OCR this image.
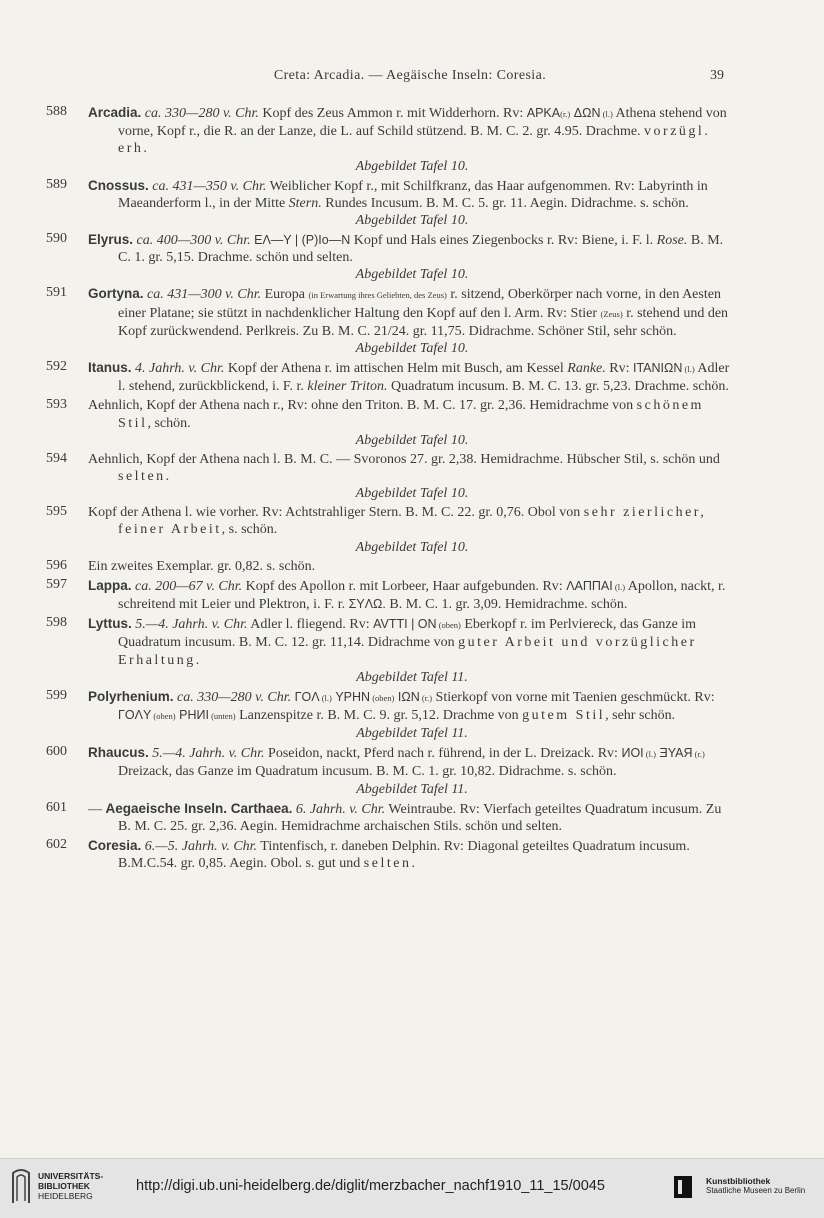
Creta: Arcadia. — Aegäische Inseln: Coresia.	39
588	Arcadia. ca. 330—280 v. Chr. Kopf des Zeus Ammon r. mit Widderhorn. Rv: APKA(r.) ΔΩN (l.) Athena stehend von vorne, Kopf r., die R. an der Lanze, die L. auf Schild stützend. B. M. C. 2. gr. 4.95. Drachme. vorzügl. erh.
Abgebildet Tafel 10.
589	Cnossus. ca. 431—350 v. Chr. Weiblicher Kopf r., mit Schilfkranz, das Haar aufgenommen. Rv: Labyrinth in Maeanderform l., in der Mitte Stern. Rundes Incusum. B. M. C. 5. gr. 11. Aegin. Didrachme. s. schön.
Abgebildet Tafel 10.
590	Elyrus. ca. 400—300 v. Chr. EΛ—Y | (P)Iᴏ—N Kopf und Hals eines Ziegenbocks r. Rv: Biene, i. F. l. Rose. B. M. C. 1. gr. 5,15. Drachme. schön und selten.
Abgebildet Tafel 10.
591	Gortyna. ca. 431—300 v. Chr. Europa (in Erwartung ihres Geliebten, des Zeus) r. sitzend, Oberkörper nach vorne, in den Aesten einer Platane; sie stützt in nachdenklicher Haltung den Kopf auf den l. Arm. Rv: Stier (Zeus) r. stehend und den Kopf zurückwendend. Perlkreis. Zu B. M. C. 21/24. gr. 11,75. Didrachme. Schöner Stil, sehr schön.
Abgebildet Tafel 10.
592	Itanus. 4. Jahrh. v. Chr. Kopf der Athena r. im attischen Helm mit Busch, am Kessel Ranke. Rv: ITANIΩN (l.) Adler l. stehend, zurückblickend, i. F. r. kleiner Triton. Quadratum incusum. B. M. C. 13. gr. 5,23. Drachme. schön.
593	Aehnlich, Kopf der Athena nach r., Rv: ohne den Triton. B. M. C. 17. gr. 2,36. Hemidrachme von schönem Stil, schön.
Abgebildet Tafel 10.
594	Aehnlich, Kopf der Athena nach l. B. M. C. — Svoronos 27. gr. 2,38. Hemidrachme. Hübscher Stil, s. schön und selten.
Abgebildet Tafel 10.
595	Kopf der Athena l. wie vorher. Rv: Achtstrahliger Stern. B. M. C. 22. gr. 0,76. Obol von sehr zierlicher, feiner Arbeit, s. schön.
Abgebildet Tafel 10.
596	Ein zweites Exemplar. gr. 0,82. s. schön.
597	Lappa. ca. 200—67 v. Chr. Kopf des Apollon r. mit Lorbeer, Haar aufgebunden. Rv: ΛAΠΠAI (l.) Apollon, nackt, r. schreitend mit Leier und Plektron, i. F. r. ΣYΛΩ. B. M. C. 1. gr. 3,09. Hemidrachme. schön.
598	Lyttus. 5.—4. Jahrh. v. Chr. Adler l. fliegend. Rv: AVTTI | ON (oben) Eberkopf r. im Perlviereck, das Ganze im Quadratum incusum. B. M. C. 12. gr. 11,14. Didrachme von guter Arbeit und vorzüglicher Erhaltung.
Abgebildet Tafel 11.
599	Polyrhenium. ca. 330—280 v. Chr. ΓOΛ (l.) YPHN (oben) IΩN (r.) Stierkopf von vorne mit Taenien geschmückt. Rv: ΓOΛY (oben) PHИI (unten) Lanzenspitze r. B. M. C. 9. gr. 5,12. Drachme von gutem Stil, sehr schön.
Abgebildet Tafel 11.
600	Rhaucus. 5.—4. Jahrh. v. Chr. Poseidon, nackt, Pferd nach r. führend, in der L. Dreizack. Rv: ИOI (l.) ƎYAЯ (r.) Dreizack, das Ganze im Quadratum incusum. B. M. C. 1. gr. 10,82. Didrachme. s. schön.
Abgebildet Tafel 11.
601	— Aegaeische Inseln. Carthaea. 6. Jahrh. v. Chr. Weintraube. Rv: Vierfach geteiltes Quadratum incusum. Zu B. M. C. 25. gr. 2,36. Aegin. Hemidrachme archaischen Stils. schön und selten.
602	Coresia. 6.—5. Jahrh. v. Chr. Tintenfisch, r. daneben Delphin. Rv: Diagonal geteiltes Quadratum incusum. B.M.C.54. gr. 0,85. Aegin. Obol. s. gut und selten.
UNIVERSITÄTS-
BIBLIOTHEK
HEIDELBERG
http://digi.ub.uni-heidelberg.de/diglit/merzbacher_nachf1910_11_15/0045	Kunstbibliothek
Staatliche Museen zu Berlin
